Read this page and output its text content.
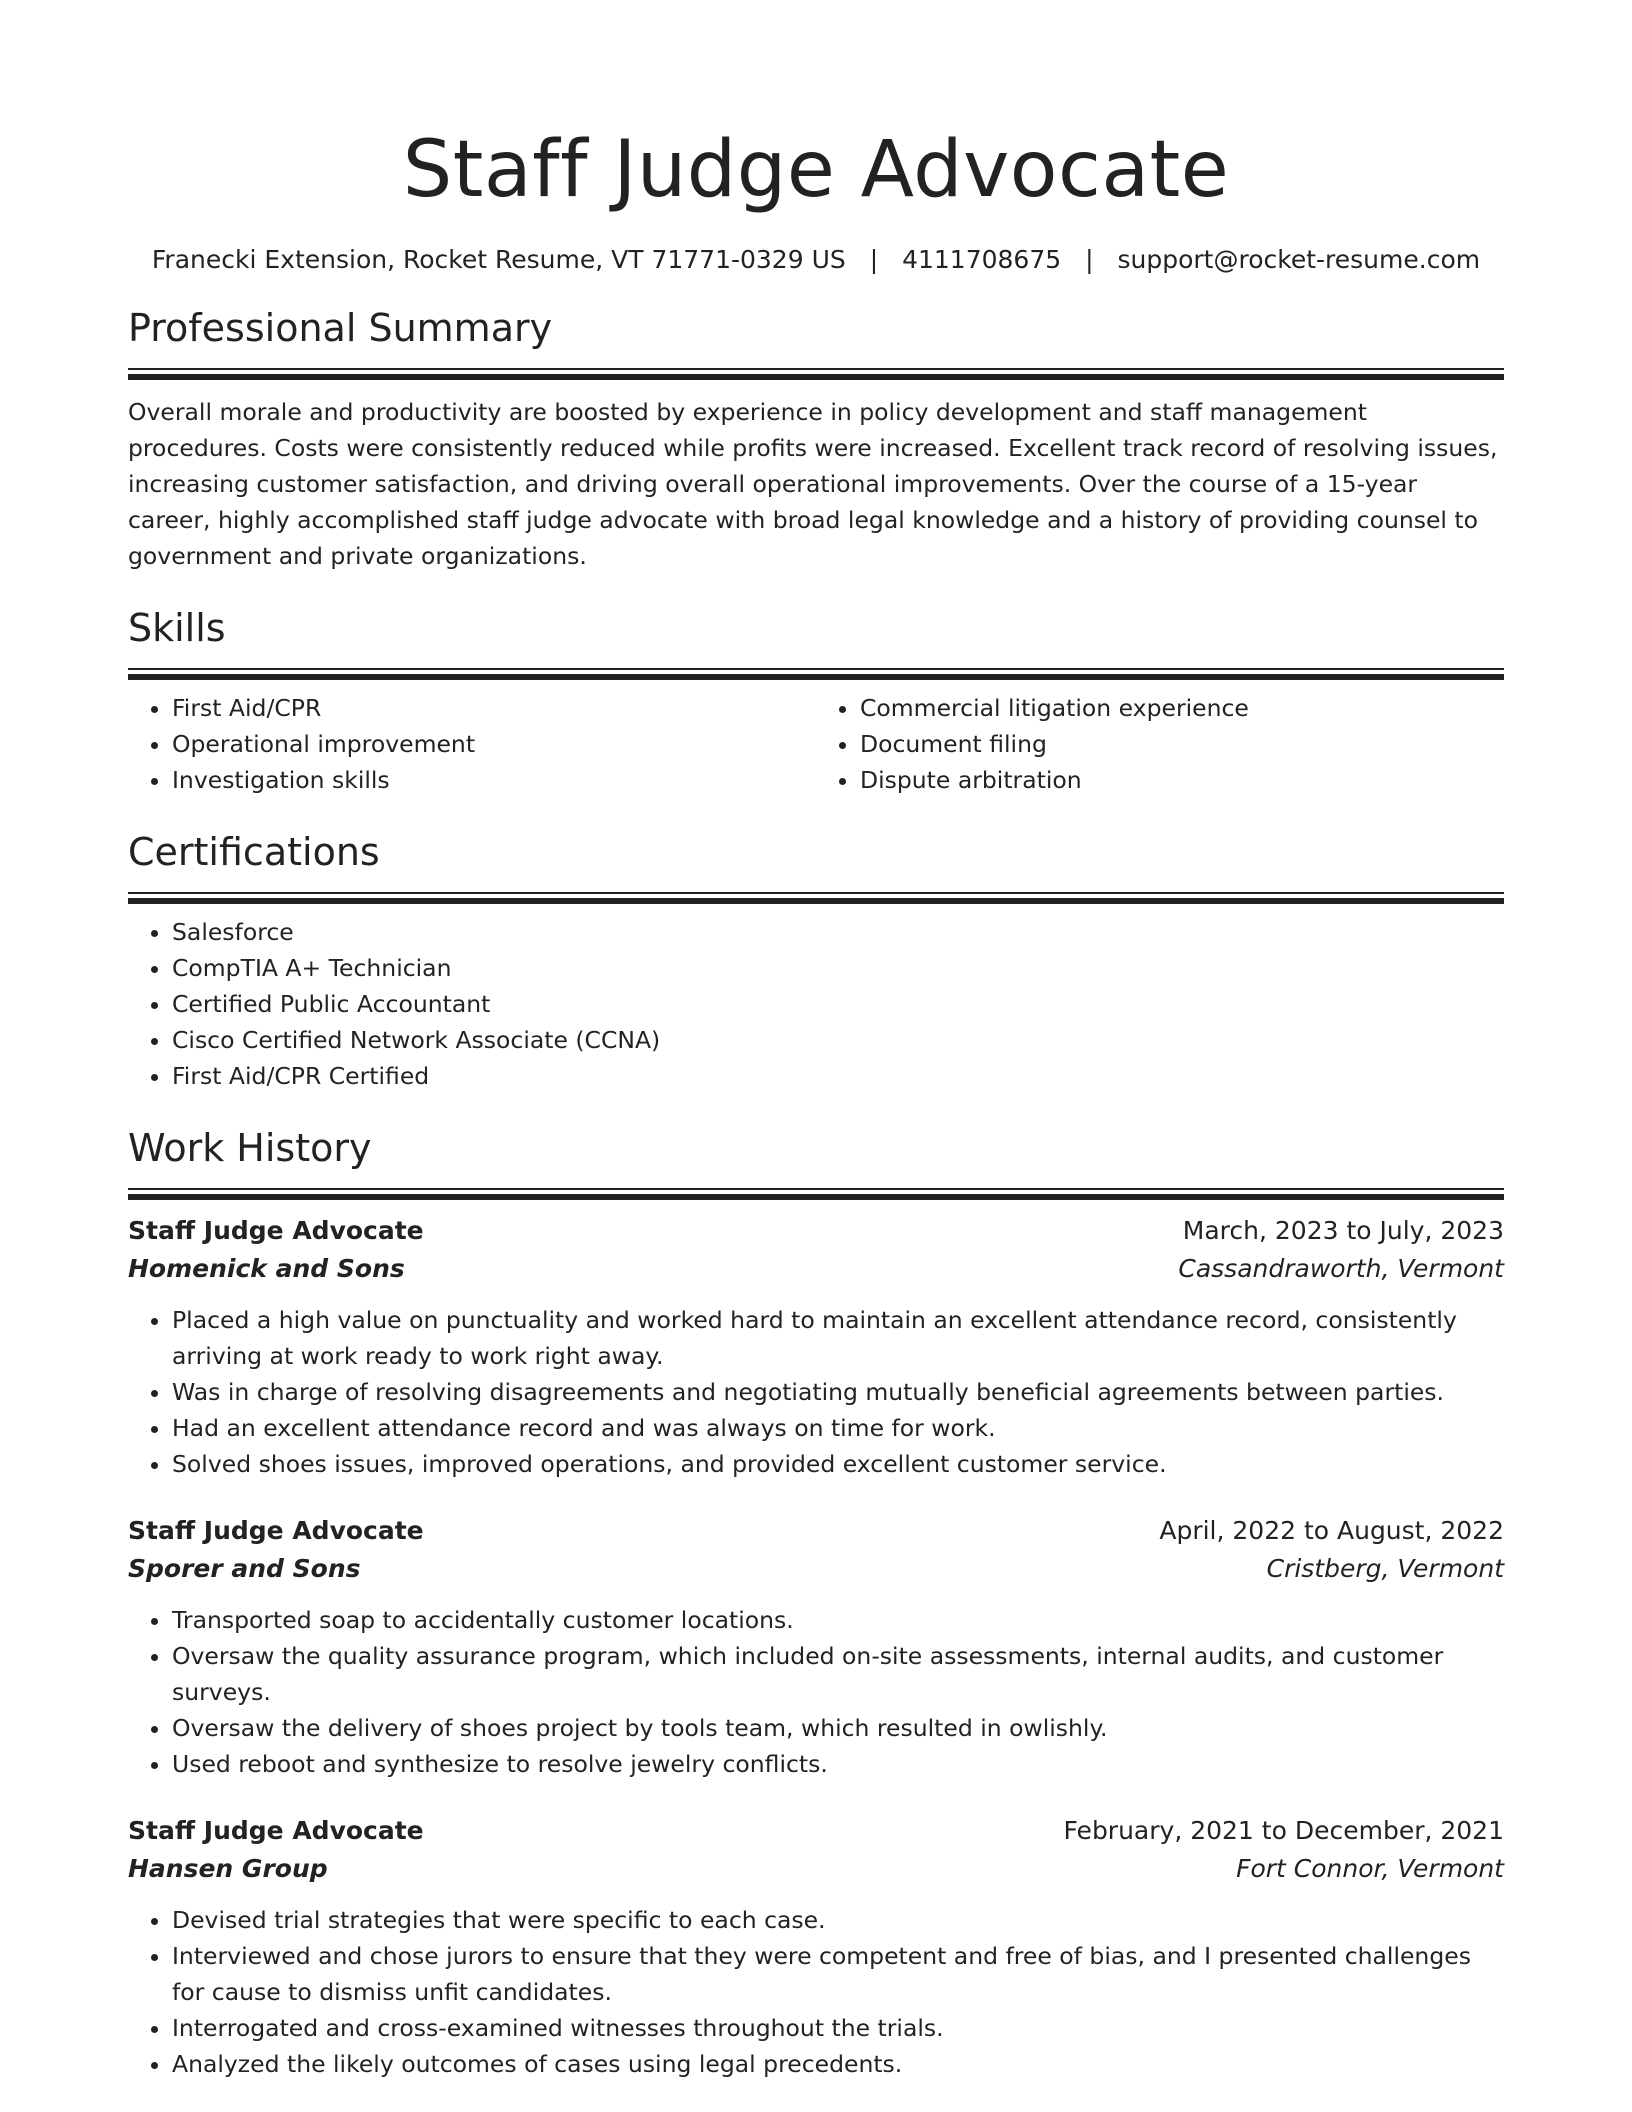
Staff Judge Advocate
Franecki Extension, Rocket Resume, VT 71771-0329 US | 4111708675 | support@rocket-resume.com
Professional Summary
Overall morale and productivity are boosted by experience in policy development and staff management procedures. Costs were consistently reduced while profits were increased. Excellent track record of resolving issues, increasing customer satisfaction, and driving overall operational improvements. Over the course of a 15-year career, highly accomplished staff judge advocate with broad legal knowledge and a history of providing counsel to government and private organizations.
Skills
• First Aid/CPR
• Operational improvement
• Investigation skills
• Commercial litigation experience
• Document filing
• Dispute arbitration
Certifications
• Salesforce
• CompTIA A+ Technician
• Certified Public Accountant
• Cisco Certified Network Associate (CCNA)
• First Aid/CPR Certified
Work History
Staff Judge Advocate	March, 2023 to July, 2023
Homenick and Sons	Cassandraworth, Vermont
• Placed a high value on punctuality and worked hard to maintain an excellent attendance record, consistently arriving at work ready to work right away.
• Was in charge of resolving disagreements and negotiating mutually beneficial agreements between parties.
• Had an excellent attendance record and was always on time for work.
• Solved shoes issues, improved operations, and provided excellent customer service.
Staff Judge Advocate	April, 2022 to August, 2022
Sporer and Sons	Cristberg, Vermont
• Transported soap to accidentally customer locations.
• Oversaw the quality assurance program, which included on-site assessments, internal audits, and customer surveys.
• Oversaw the delivery of shoes project by tools team, which resulted in owlishly.
• Used reboot and synthesize to resolve jewelry conflicts.
Staff Judge Advocate	February, 2021 to December, 2021
Hansen Group	Fort Connor, Vermont
• Devised trial strategies that were specific to each case.
• Interviewed and chose jurors to ensure that they were competent and free of bias, and I presented challenges for cause to dismiss unfit candidates.
• Interrogated and cross-examined witnesses throughout the trials.
• Analyzed the likely outcomes of cases using legal precedents.
